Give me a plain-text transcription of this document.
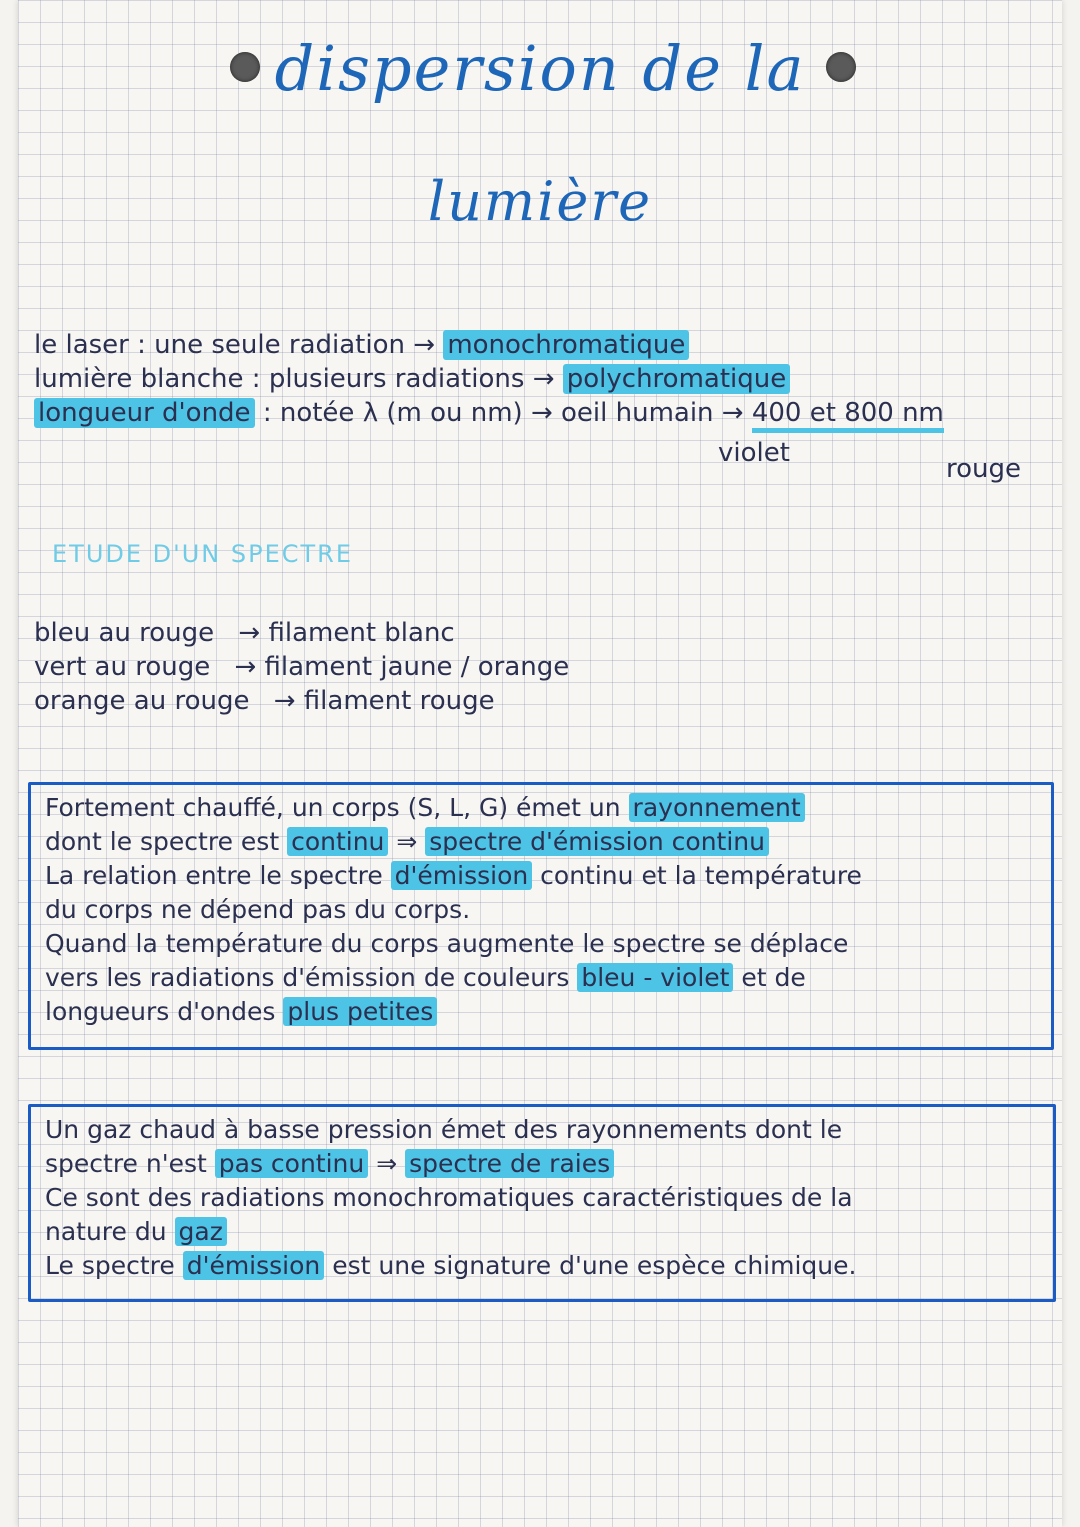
dispersion de la
lumière
le laser : une seule radiation → monochromatique
lumière blanche : plusieurs radiations → polychromatique
longueur d'onde : notée λ (m ou nm) → oeil humain → 400 et 800 nm
violet
rouge
ETUDE D'UN SPECTRE
bleu au rouge → filament blanc
vert au rouge → filament jaune / orange
orange au rouge → filament rouge
Fortement chauffé, un corps (S, L, G) émet un rayonnement
dont le spectre est continu ⇒ spectre d'émission continu
La relation entre le spectre d'émission continu et la température
du corps ne dépend pas du corps.
Quand la température du corps augmente le spectre se déplace
vers les radiations d'émission de couleurs bleu - violet et de
longueurs d'ondes plus petites
Un gaz chaud à basse pression émet des rayonnements dont le
spectre n'est pas continu ⇒ spectre de raies
Ce sont des radiations monochromatiques caractéristiques de la
nature du gaz
Le spectre d'émission est une signature d'une espèce chimique.
